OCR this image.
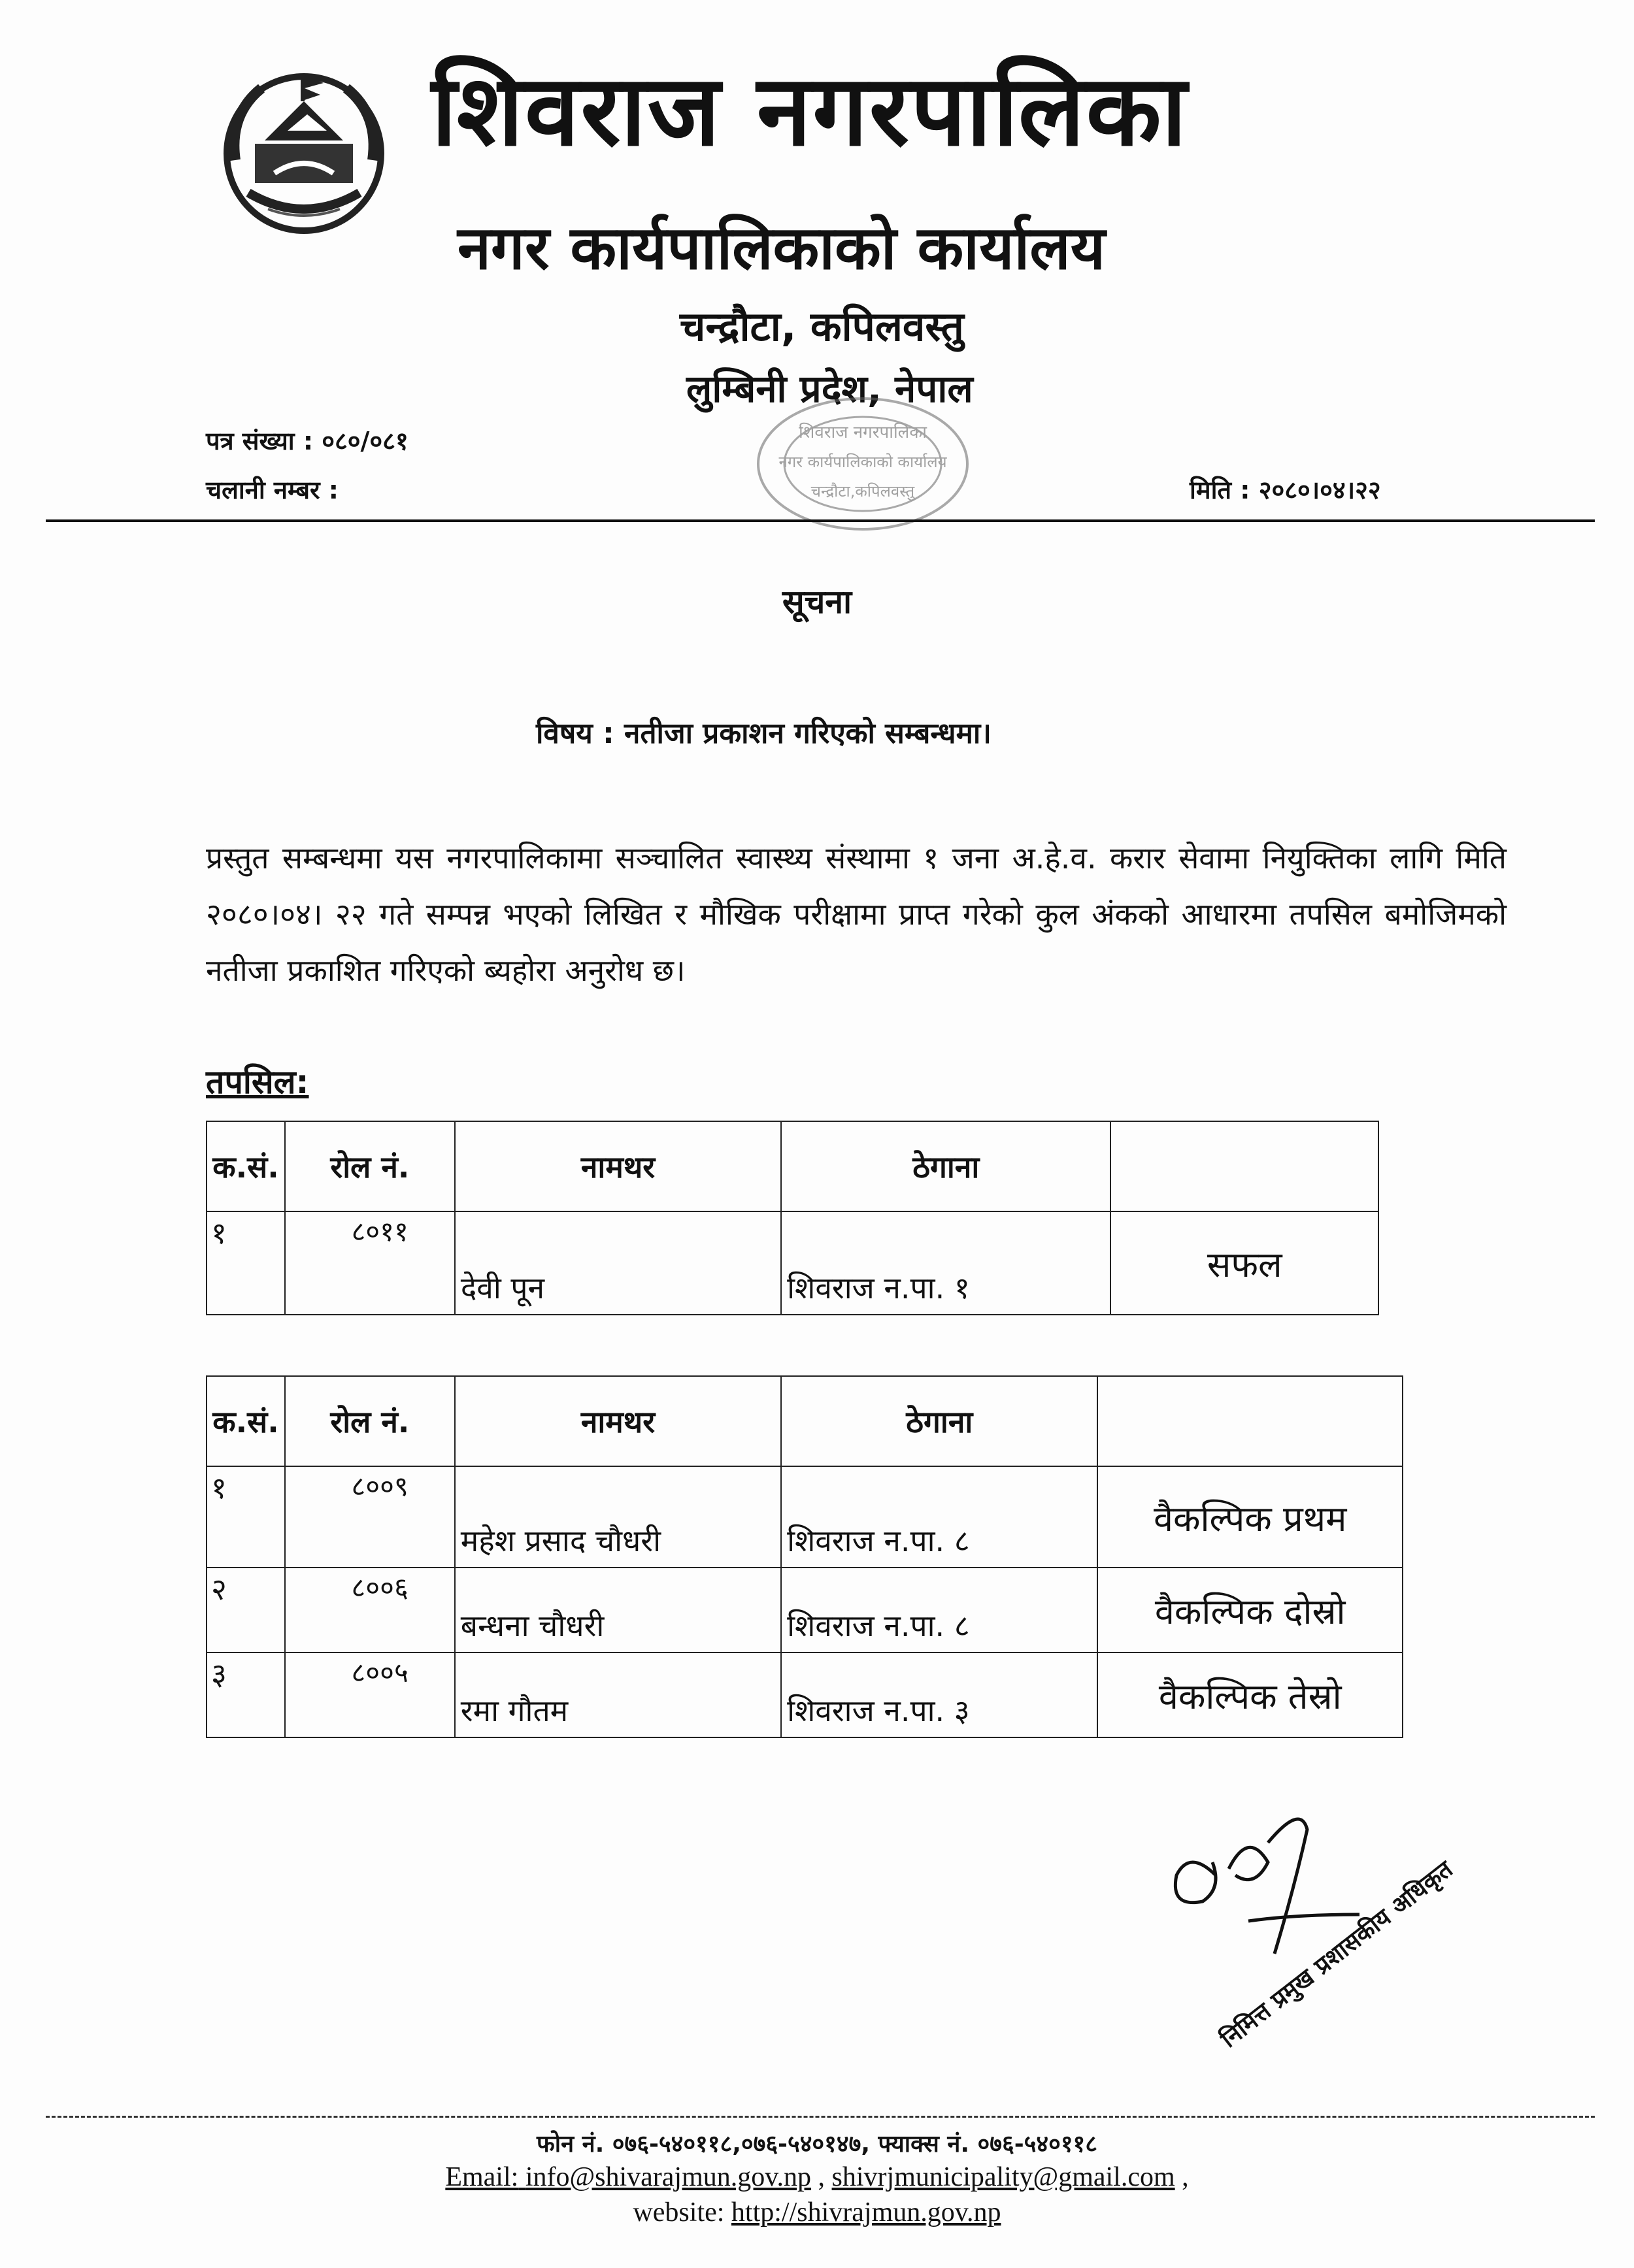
शिवराज नगरपालिका
नगर कार्यपालिकाको कार्यालय
चन्द्रौटा, कपिलवस्तु
लुम्बिनी प्रदेश, नेपाल
शिवराज नगरपालिका
नगर कार्यपालिकाको कार्यालय
चन्द्रौटा,कपिलवस्तु
पत्र संख्या : ०८०/०८१
चलानी नम्बर :	मिति : २०८०।०४।२२
सूचना
विषय : नतीजा प्रकाशन गरिएको सम्बन्धमा।
प्रस्तुत सम्बन्धमा यस नगरपालिकामा सञ्चालित स्वास्थ्य संस्थामा १ जना अ.हे.व. करार सेवामा नियुक्तिका लागि मिति २०८०।०४। २२ गते सम्पन्न भएको लिखित र मौखिक परीक्षामा प्राप्त गरेको कुल अंकको आधारमा तपसिल बमोजिमको नतीजा प्रकाशित गरिएको ब्यहोरा अनुरोध छ।
तपसिल:
क.सं.	रोल नं.	नामथर	ठेगाना	
१	८०११	देवी पून	शिवराज न.पा. १	सफल
क.सं.	रोल नं.	नामथर	ठेगाना	
१	८००९	महेश प्रसाद चौधरी	शिवराज न.पा. ८	वैकल्पिक प्रथम
२	८००६	बन्धना चौधरी	शिवराज न.पा. ८	वैकल्पिक दोस्रो
३	८००५	रमा गौतम	शिवराज न.पा. ३	वैकल्पिक तेस्रो
निमित्त प्रमुख प्रशासकीय अधिकृत
फोन नं. ०७६-५४०११८,०७६-५४०१४७, फ्याक्स नं. ०७६-५४०११८
Email: info@shivarajmun.gov.np , shivrjmunicipality@gmail.com ,
website: http://shivrajmun.gov.np
